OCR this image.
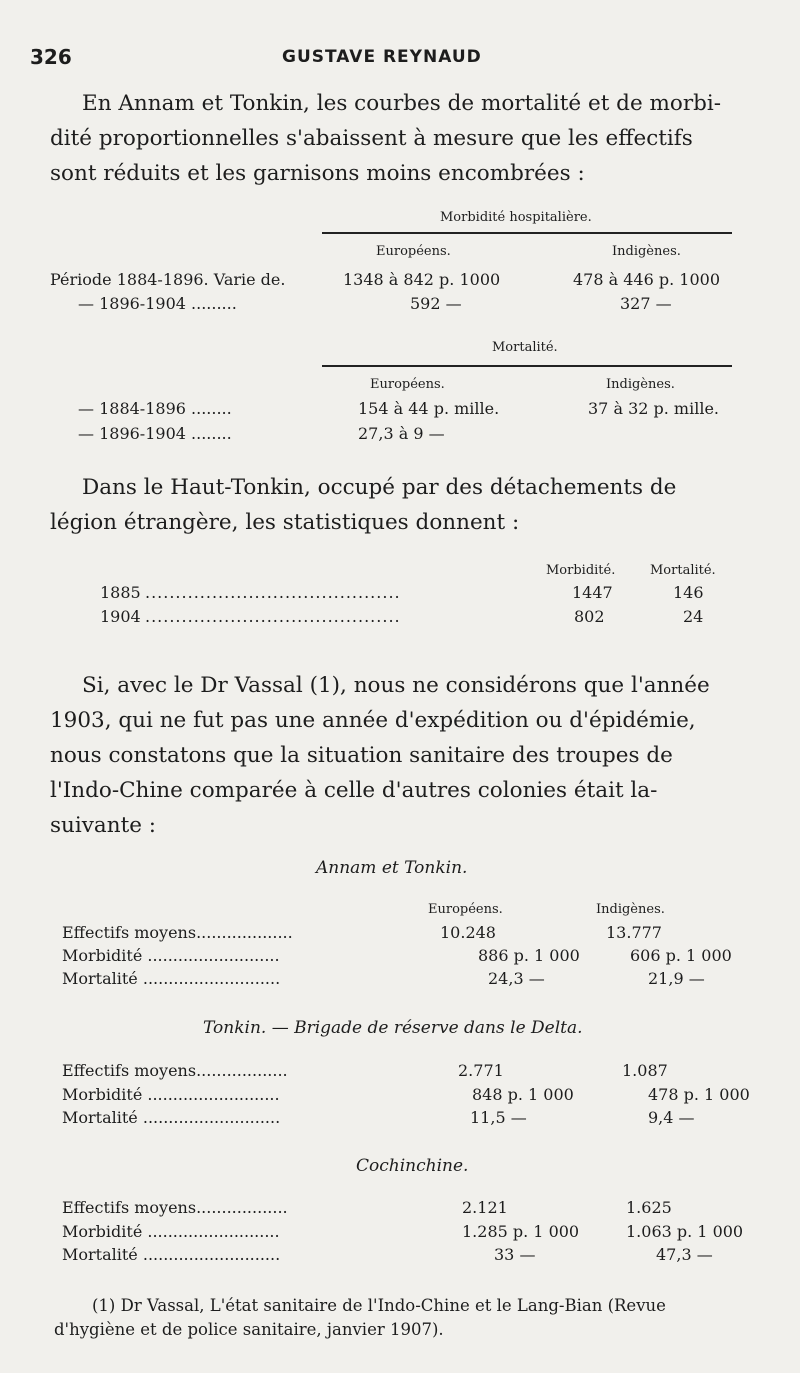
326	GUSTAVE REYNAUD
En Annam et Tonkin, les courbes de mortalité et de morbi-
dité proportionnelles s'abaissent à mesure que les effectifs
sont réduits et les garnisons moins encombrées :
Morbidité hospitalière.
Européens.	Indigènes.
Période 1884-1896. Varie de.	1348 à 842 p. 1000	478 à 446 p. 1000
— 1896-1904 .........	592 —	327 —
Mortalité.
Européens.	Indigènes.
— 1884-1896 ........	154 à 44 p. mille.	37 à 32 p. mille.
— 1896-1904 ........	27,3 à 9 —
Dans le Haut-Tonkin, occupé par des détachements de
légion étrangère, les statistiques donnent :
Morbidité.	Mortalité.
1885 ..........................................	1447	146
1904 ..........................................	802	24
Si, avec le Dr Vassal (1), nous ne considérons que l'année
1903, qui ne fut pas une année d'expédition ou d'épidémie,
nous constatons que la situation sanitaire des troupes de
l'Indo-Chine comparée à celle d'autres colonies était la-
suivante :
Annam et Tonkin.
Européens.	Indigènes.
Effectifs moyens...................	10.248	13.777
Morbidité ..........................	886 p. 1 000	606 p. 1 000
Mortalité ...........................	24,3 —	21,9 —
Tonkin. — Brigade de réserve dans le Delta.
Effectifs moyens..................	2.771	1.087
Morbidité ..........................	848 p. 1 000	478 p. 1 000
Mortalité ...........................	11,5 —	9,4 —
Cochinchine.
Effectifs moyens..................	2.121	1.625
Morbidité ..........................	1.285 p. 1 000	1.063 p. 1 000
Mortalité ...........................	33 —	47,3 —
(1) Dr Vassal, L'état sanitaire de l'Indo-Chine et le Lang-Bian (Revue
d'hygiène et de police sanitaire, janvier 1907).
